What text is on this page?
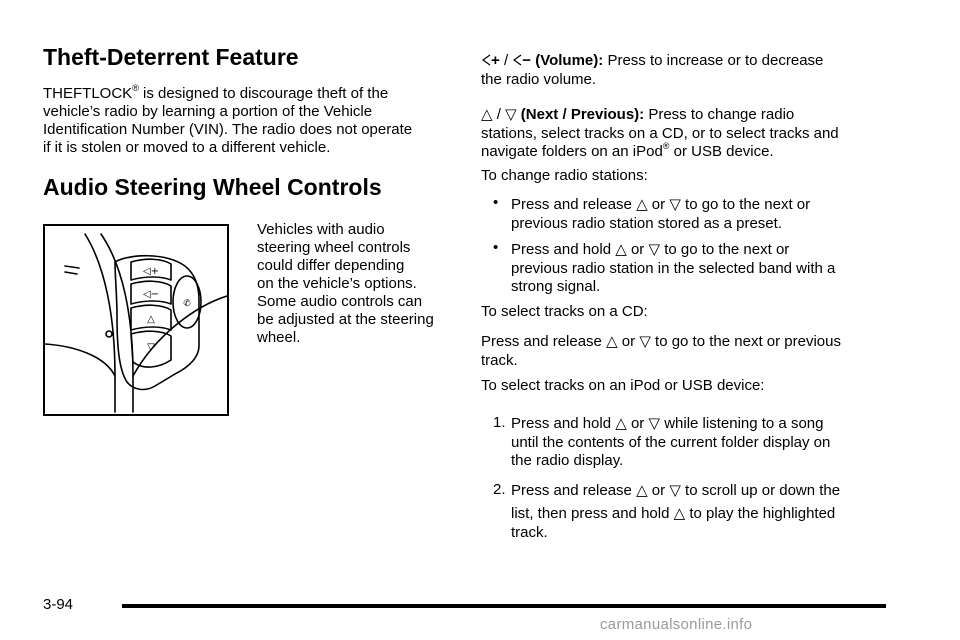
Theft-Deterrent Feature

THEFTLOCK® is designed to discourage theft of the

vehicle’s radio by learning a portion of the Vehicle

Identification Number (VIN). The radio does not operate

if it is stolen or moved to a different vehicle.

Audio Steering Wheel Controls
◁+
◁−
△
▽
✆

Vehicles with audio

steering wheel controls

could differ depending

on the vehicle’s options.

Some audio controls can

be adjusted at the steering

wheel.

+ / − (Volume): Press to increase or to decrease

the radio volume.

△ / ▽ (Next / Previous): Press to change radio

stations, select tracks on a CD, or to select tracks and

navigate folders on an iPod® or USB device.

To change radio stations:

• Press and release △ or ▽ to go to the next or

previous radio station stored as a preset.

• Press and hold △ or ▽ to go to the next or

previous radio station in the selected band with a

strong signal.

To select tracks on a CD:

Press and release △ or ▽ to go to the next or previous

track.

To select tracks on an iPod or USB device:

1. Press and hold △ or ▽ while listening to a song

until the contents of the current folder display on

the radio display.

2. Press and release △ or ▽ to scroll up or down the

list, then press and hold △ to play the highlighted

track.

3-94
carmanualsonline.info
